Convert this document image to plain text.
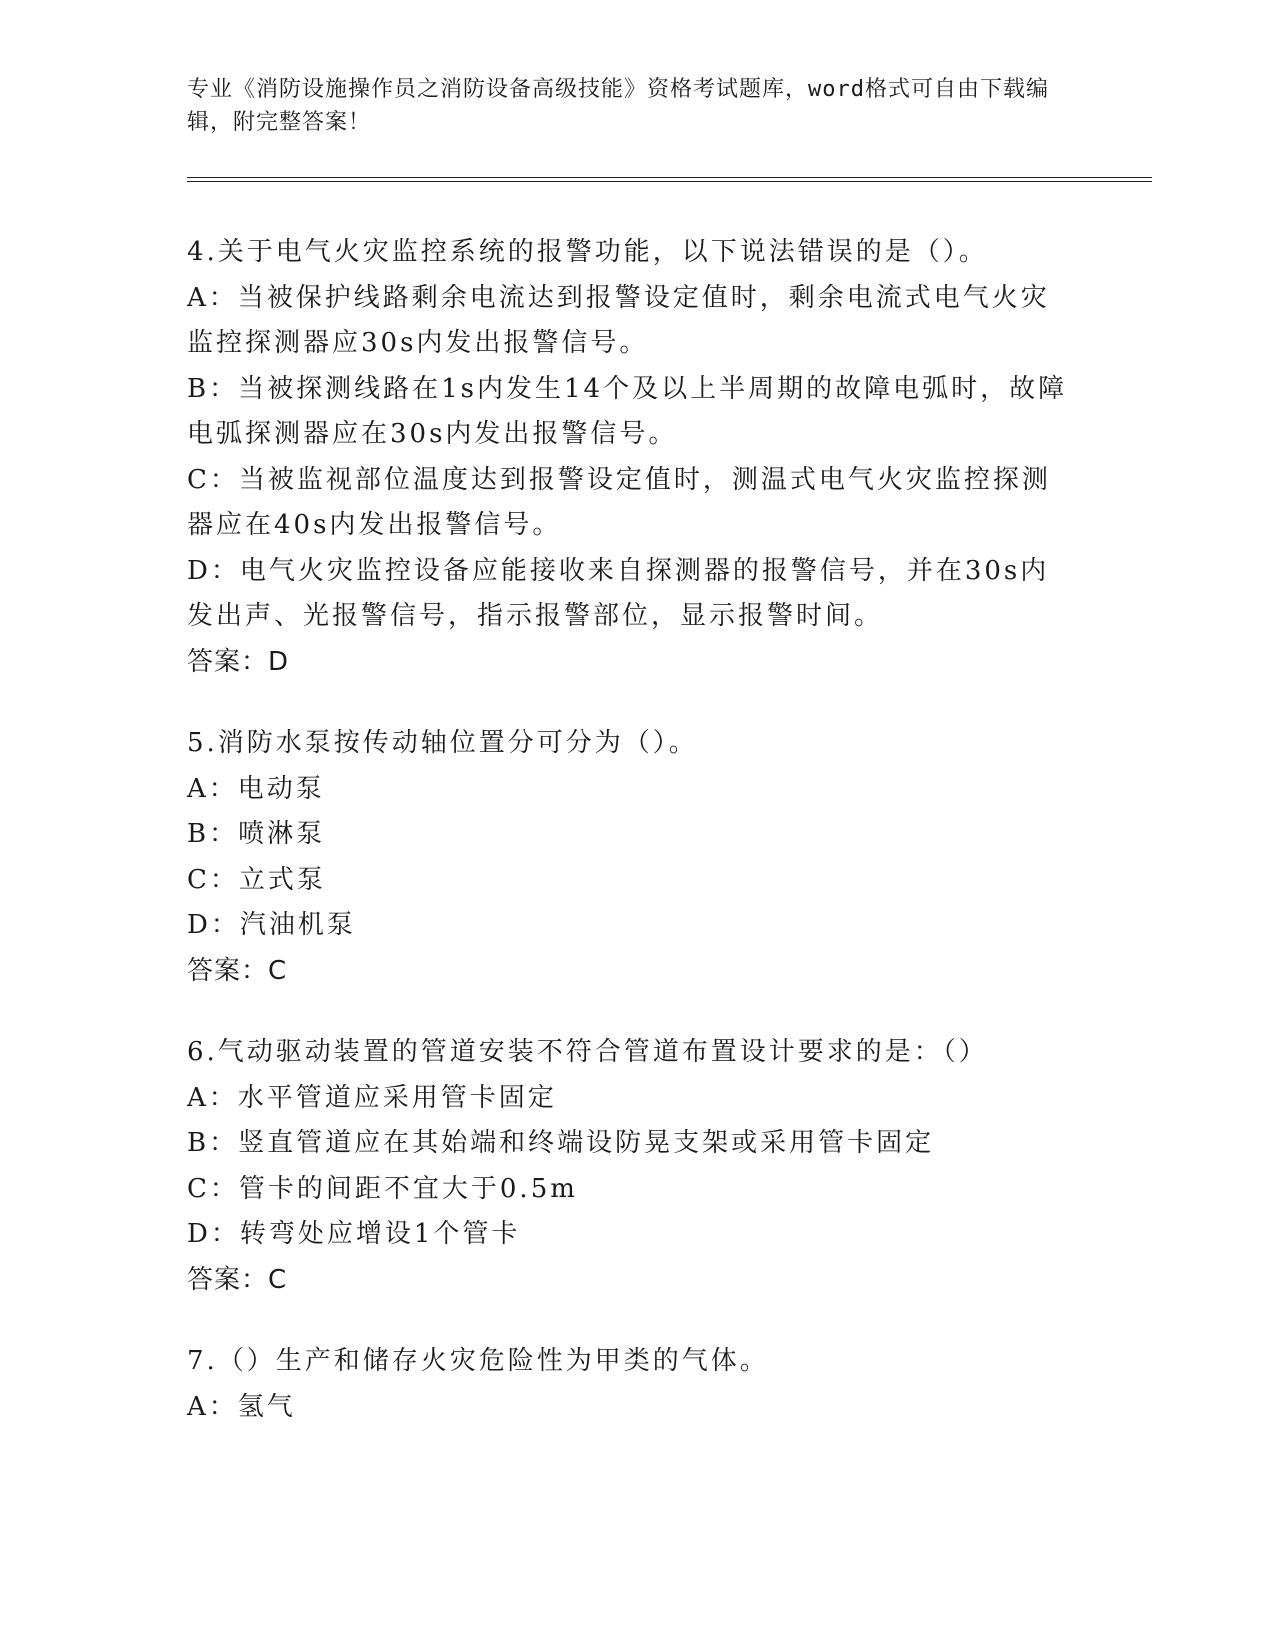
专业《消防设施操作员之消防设备高级技能》资格考试题库，word格式可自由下载编辑，附完整答案！

4.关于电气火灾监控系统的报警功能，以下说法错误的是（）。

A：当被保护线路剩余电流达到报警设定值时，剩余电流式电气火灾监控探测器应30s内发出报警信号。

B：当被探测线路在1s内发生14个及以上半周期的故障电弧时，故障电弧探测器应在30s内发出报警信号。

C：当被监视部位温度达到报警设定值时，测温式电气火灾监控探测器应在40s内发出报警信号。

D：电气火灾监控设备应能接收来自探测器的报警信号，并在30s内发出声、光报警信号，指示报警部位，显示报警时间。

答案：D

5.消防水泵按传动轴位置分可分为（）。

A：电动泵

B：喷淋泵

C：立式泵

D：汽油机泵

答案：C

6.气动驱动装置的管道安装不符合管道布置设计要求的是：（）

A：水平管道应采用管卡固定

B：竖直管道应在其始端和终端设防晃支架或采用管卡固定

C：管卡的间距不宜大于0.5m

D：转弯处应增设1个管卡

答案：C

7.（）生产和储存火灾危险性为甲类的气体。

A：氢气
